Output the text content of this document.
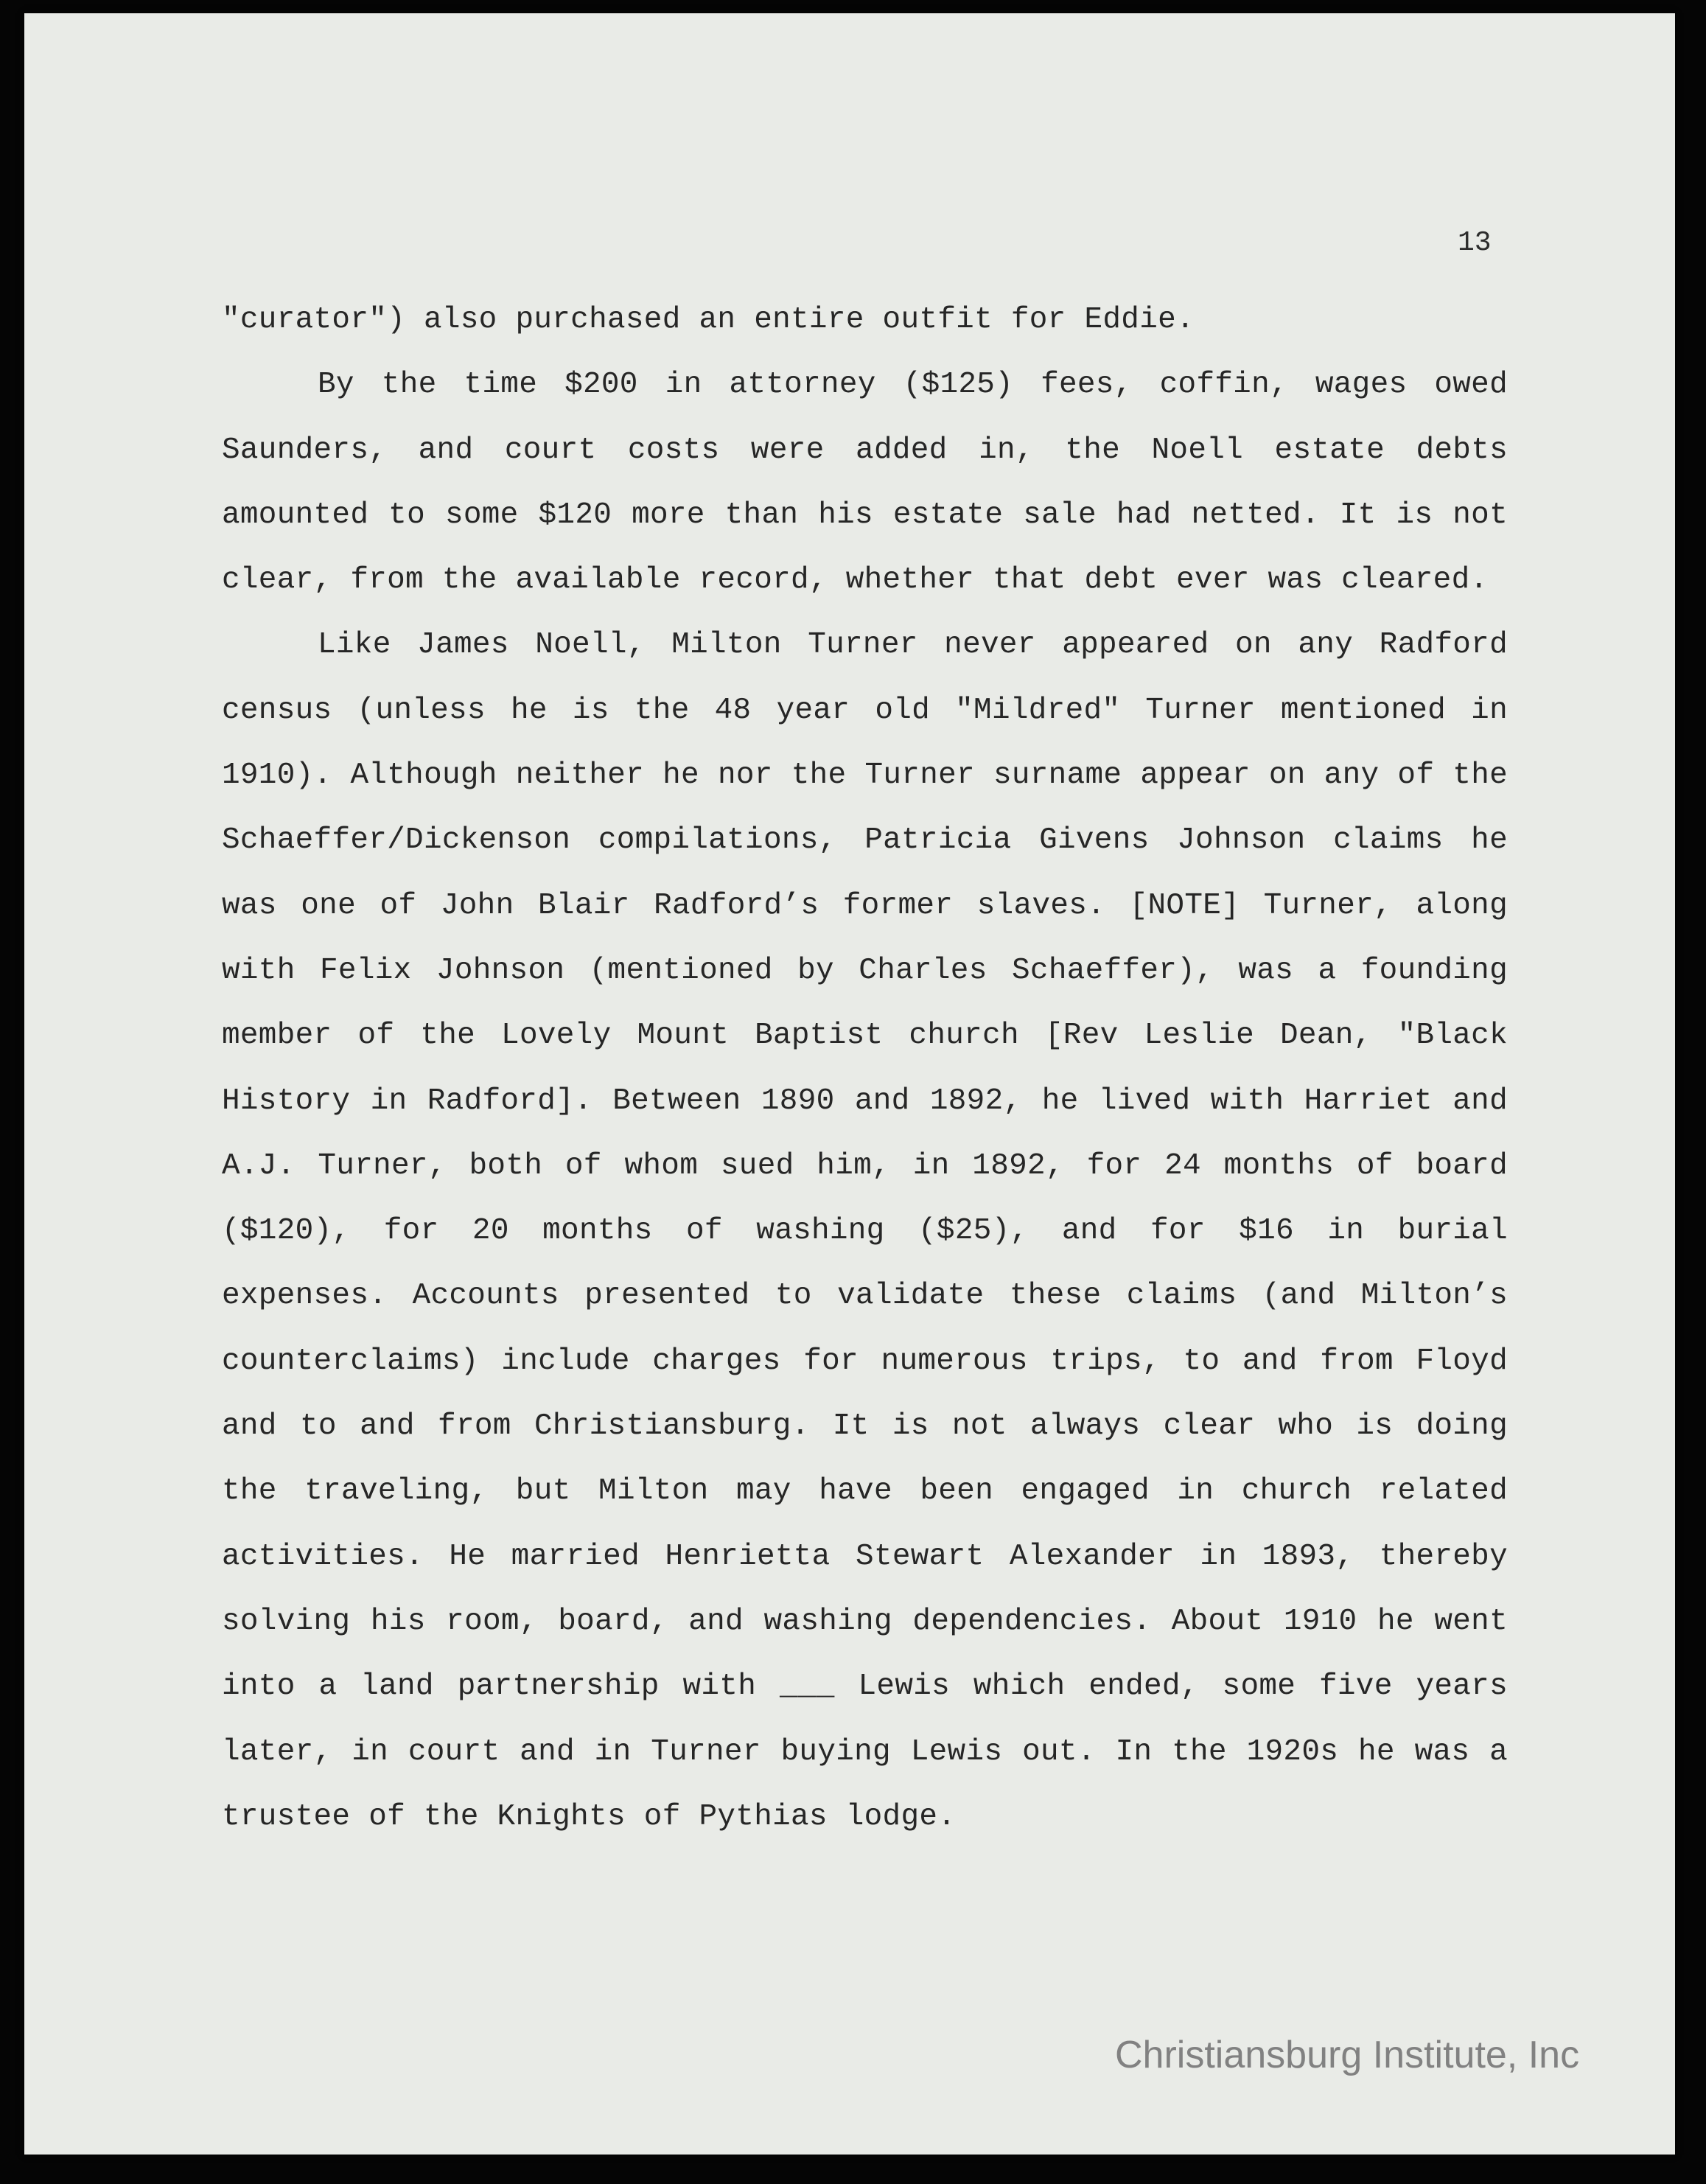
13

"curator") also purchased an entire outfit for Eddie.

By the time $200 in attorney ($125) fees, coffin, wages owed Saunders, and court costs were added in, the Noell estate debts amounted to some $120 more than his estate sale had netted. It is not clear, from the available record, whether that debt ever was cleared.

Like James Noell, Milton Turner never appeared on any Radford census (unless he is the 48 year old "Mildred" Turner mentioned in 1910). Although neither he nor the Turner surname appear on any of the Schaeffer/Dickenson compilations, Patricia Givens Johnson claims he was one of John Blair Radford’s former slaves. [NOTE] Turner, along with Felix Johnson (mentioned by Charles Schaeffer), was a founding member of the Lovely Mount Baptist church [Rev Leslie Dean, "Black History in Radford]. Between 1890 and 1892, he lived with Harriet and A.J. Turner, both of whom sued him, in 1892, for 24 months of board ($120), for 20 months of washing ($25), and for $16 in burial expenses. Accounts presented to validate these claims (and Milton’s counterclaims) include charges for numerous trips, to and from Floyd and to and from Christiansburg. It is not always clear who is doing the traveling, but Milton may have been engaged in church related activities. He married Henrietta Stewart Alexander in 1893, thereby solving his room, board, and washing dependencies. About 1910 he went into a land partnership with ___ Lewis which ended, some five years later, in court and in Turner buying Lewis out. In the 1920s he was a trustee of the Knights of Pythias lodge.

Christiansburg Institute, Inc
